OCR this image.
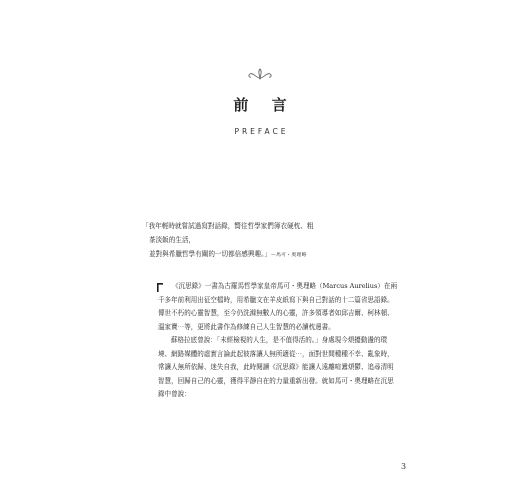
前 言
PREFACE
「我年輕時就嘗試過寫對話錄，嚮往哲學家們簿衣硬枕、粗
茶淡飯的生活，
並對與希臘哲學有關的一切都倍感興趣。」—馬可・奧理略

《沉思錄》一書為古羅馬哲學家皇帝馬可・奧理略（Marcus Aurelius）在兩千多年前利用出征空檔時，用希臘文在羊皮紙寫下與自己對話的十二篇省思語錄。傳世不朽的心靈智慧，至今仍洗滌無數人的心靈，許多領導者如邱吉爾、柯林頓、溫家寶⋯等，更將此書作為修練自己人生智慧的必讀枕邊書。

蘇格拉底曾說：「未經檢視的人生，是不值得活的。」身處現今煩擾動盪的環境、網路媒體的虛實言論此起彼落讓人無所適從⋯，面對世間種種不幸、亂象時，常讓人無所依歸、迷失自我，此時閱讀《沉思錄》能讓人遠離喧囂煩鬱、追尋清明智慧，回歸自己的心靈，獲得平靜自在的力量重新出發。就如馬可・奧理略在沉思錄中曾說：

3
